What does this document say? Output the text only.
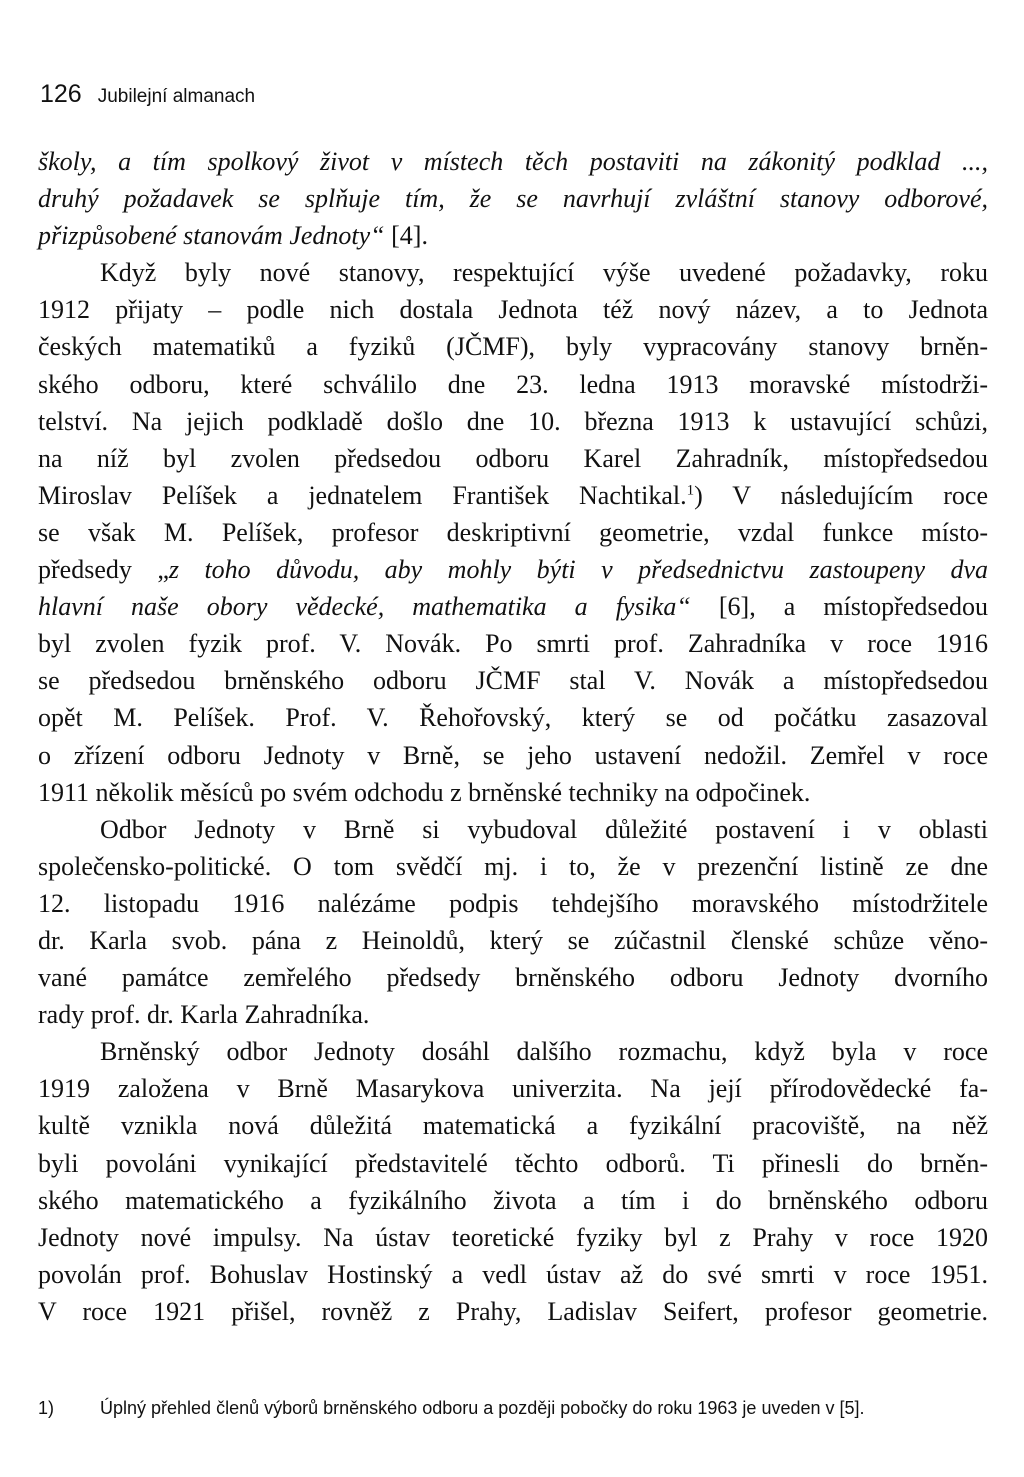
126 Jubilejní almanach
školy, a tím spolkový život v místech těch postaviti na zákonitý podklad ...,
druhý požadavek se splňuje tím, že se navrhují zvláštní stanovy odborové,
přizpůsobené stanovám Jednoty“ [4].
Když byly nové stanovy, respektující výše uvedené požadavky, roku
1912 přijaty – podle nich dostala Jednota též nový název, a to Jednota
českých matematiků a fyziků (JČMF), byly vypracovány stanovy brněn-
ského odboru, které schválilo dne 23. ledna 1913 moravské místodrži-
telství. Na jejich podkladě došlo dne 10. března 1913 k ustavující schůzi,
na níž byl zvolen předsedou odboru Karel Zahradník, místopředsedou
Miroslav Pelíšek a jednatelem František Nachtikal.$^1$) V následujícím roce
se však M. Pelíšek, profesor deskriptivní geometrie, vzdal funkce místo-
předsedy „z toho důvodu, aby mohly býti v předsednictvu zastoupeny dva
hlavní naše obory vědecké, mathematika a fysika“ [6], a místopředsedou
byl zvolen fyzik prof. V. Novák. Po smrti prof. Zahradníka v roce 1916
se předsedou brněnského odboru JČMF stal V. Novák a místopředsedou
opět M. Pelíšek. Prof. V. Řehořovský, který se od počátku zasazoval
o zřízení odboru Jednoty v Brně, se jeho ustavení nedožil. Zemřel v roce
1911 několik měsíců po svém odchodu z brněnské techniky na odpočinek.
Odbor Jednoty v Brně si vybudoval důležité postavení i v oblasti
společensko-politické. O tom svědčí mj. i to, že v prezenční listině ze dne
12. listopadu 1916 nalézáme podpis tehdejšího moravského místodržitele
dr. Karla svob. pána z Heinoldů, který se zúčastnil členské schůze věno-
vané památce zemřelého předsedy brněnského odboru Jednoty dvorního
rady prof. dr. Karla Zahradníka.
Brněnský odbor Jednoty dosáhl dalšího rozmachu, když byla v roce
1919 založena v Brně Masarykova univerzita. Na její přírodovědecké fa-
kultě vznikla nová důležitá matematická a fyzikální pracoviště, na něž
byli povoláni vynikající představitelé těchto odborů. Ti přinesli do brněn-
ského matematického a fyzikálního života a tím i do brněnského odboru
Jednoty nové impulsy. Na ústav teoretické fyziky byl z Prahy v roce 1920
povolán prof. Bohuslav Hostinský a vedl ústav až do své smrti v roce 1951.
V roce 1921 přišel, rovněž z Prahy, Ladislav Seifert, profesor geometrie.
1)	Úplný přehled členů výborů brněnského odboru a později pobočky do roku 1963 je uveden v [5].
